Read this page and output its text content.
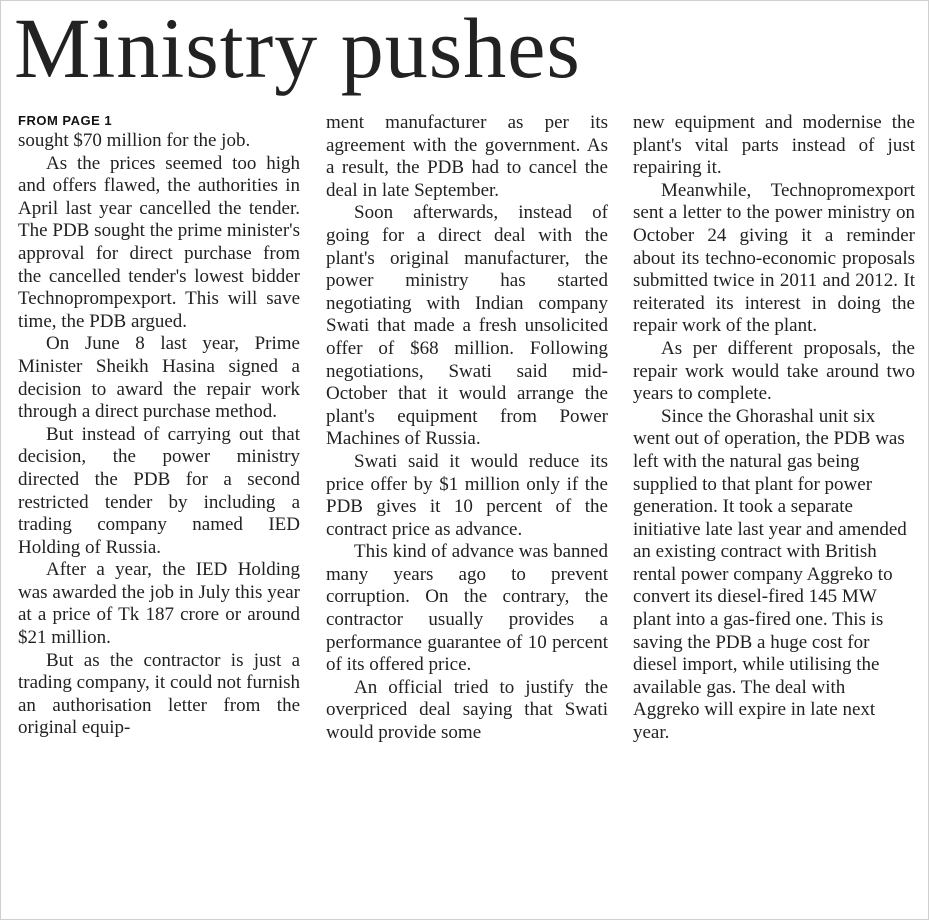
Ministry pushes
FROM PAGE 1

sought $70 million for the job.

As the prices seemed too high and offers flawed, the authorities in April last year cancelled the tender. The PDB sought the prime minister's approval for direct purchase from the cancelled tender's lowest bidder Technoprompexport. This will save time, the PDB argued.

On June 8 last year, Prime Minister Sheikh Hasina signed a decision to award the repair work through a direct purchase method.

But instead of carrying out that decision, the power ministry directed the PDB for a second restricted tender by including a trading company named IED Holding of Russia.

After a year, the IED Holding was awarded the job in July this year at a price of Tk 187 crore or around $21 million.

But as the contractor is just a trading company, it could not furnish an authorisation letter from the original equip-

ment manufacturer as per its agreement with the government. As a result, the PDB had to cancel the deal in late September.

Soon afterwards, instead of going for a direct deal with the plant's original manufacturer, the power ministry has started negotiating with Indian company Swati that made a fresh unsolicited offer of $68 million. Following negotiations, Swati said mid-October that it would arrange the plant's equipment from Power Machines of Russia.

Swati said it would reduce its price offer by $1 million only if the PDB gives it 10 percent of the contract price as advance.

This kind of advance was banned many years ago to prevent corruption. On the contrary, the contractor usually provides a performance guarantee of 10 percent of its offered price.

An official tried to justify the overpriced deal saying that Swati would provide some

new equipment and modernise the plant's vital parts instead of just repairing it.

Meanwhile, Technopromexport sent a letter to the power ministry on October 24 giving it a reminder about its techno-economic proposals submitted twice in 2011 and 2012. It reiterated its interest in doing the repair work of the plant.

As per different proposals, the repair work would take around two years to complete.

Since the Ghorashal unit six went out of operation, the PDB was left with the natural gas being supplied to that plant for power generation. It took a separate initiative late last year and amended an existing contract with British rental power company Aggreko to convert its diesel-fired 145 MW plant into a gas-fired one. This is saving the PDB a huge cost for diesel import, while utilising the available gas. The deal with Aggreko will expire in late next year.
